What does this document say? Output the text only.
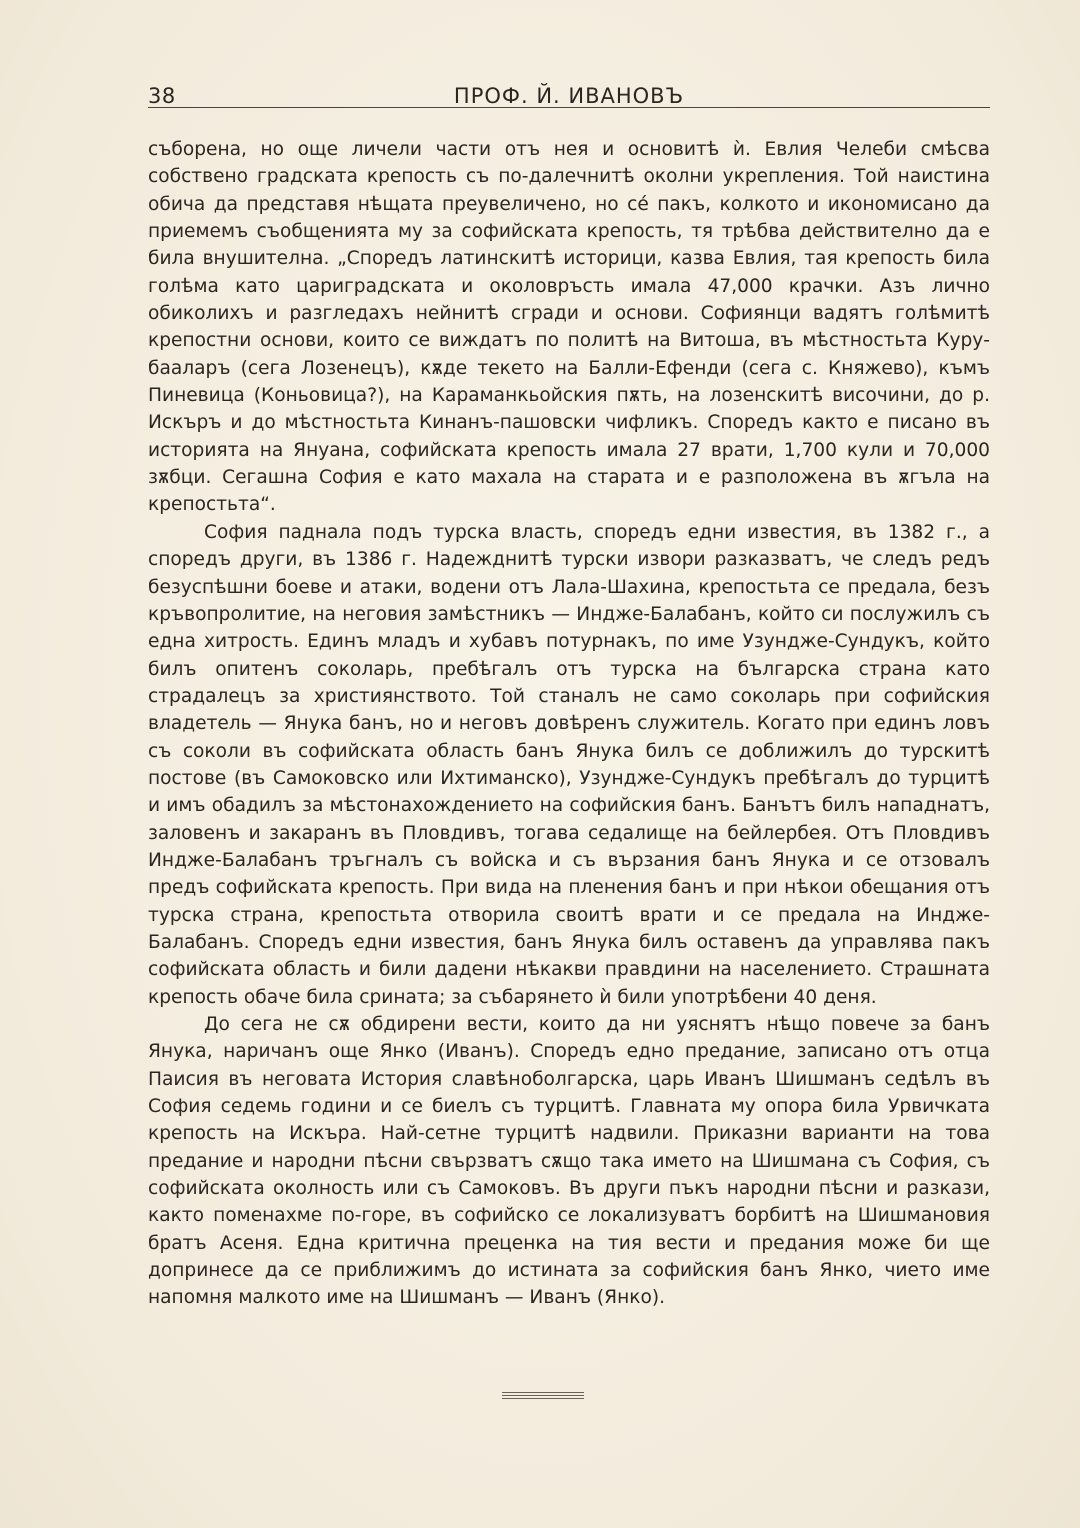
38	ПРОФ. Й. ИВАНОВЪ

съборена, но още личели части отъ нея и основитѣ ѝ. Евлия Челеби смѣсва собствено градската крепость съ по-далечнитѣ околни укрепления. Той наистина обича да представя нѣщата преувеличено, но се́ пакъ, колкото и икономисано да приемемъ съобщенията му за софийската крепость, тя трѣбва действително да е била внушителна. „Споредъ латинскитѣ историци, казва Евлия, тая крепость била голѣма като цариградската и околовръсть имала 47,000 крачки. Азъ лично обиколихъ и разгледахъ нейнитѣ сгради и основи. Софиянци вадятъ голѣмитѣ крепостни основи, които се виждатъ по политѣ на Витоша, въ мѣстностьта Куру-бааларъ (сега Лозенецъ), кѫде текето на Балли-Ефенди (сега с. Княжево), къмъ Пиневица (Коньовица?), на Караманкьойския пѫть, на лозенскитѣ височини, до р. Искъръ и до мѣстностьта Кинанъ-пашовски чифликъ. Споредъ както е писано въ историята на Януана, софийската крепость имала 27 врати, 1,700 кули и 70,000 зѫбци. Сегашна София е като махала на старата и е разположена въ ѫгъла на крепостьта“.

София паднала подъ турска власть, споредъ едни известия, въ 1382 г., а споредъ други, въ 1386 г. Надежднитѣ турски извори разказватъ, че следъ редъ безуспѣшни боеве и атаки, водени отъ Лала-Шахина, крепостьта се предала, безъ кръвопролитие, на неговия замѣстникъ — Индже-Балабанъ, който си послужилъ съ една хитрость. Единъ младъ и хубавъ потурнакъ, по име Узундже-Сундукъ, който билъ опитенъ соколарь, пребѣгалъ отъ турска на българска страна като страдалецъ за християнството. Той станалъ не само соколарь при софийския владетель — Янука банъ, но и неговъ довѣренъ служитель. Когато при единъ ловъ съ соколи въ софийската область банъ Янука билъ се доближилъ до турскитѣ постове (въ Самоковско или Ихтиманско), Узундже-Сундукъ пребѣгалъ до турцитѣ и имъ обадилъ за мѣстонахождението на софийския банъ. Банътъ билъ нападнатъ, заловенъ и закаранъ въ Пловдивъ, тогава седалище на бейлербея. Отъ Пловдивъ Индже-Балабанъ тръгналъ съ войска и съ вързания банъ Янука и се отзовалъ предъ софийската крепость. При вида на пленения банъ и при нѣкои обещания отъ турска страна, крепостьта отворила своитѣ врати и се предала на Индже-Балабанъ. Споредъ едни известия, банъ Янука билъ оставенъ да управлява пакъ софийската область и били дадени нѣкакви правдини на населението. Страшната крепость обаче била сринатa; за събарянето ѝ били употрѣбени 40 деня.

До сега не сѫ обдирени вести, които да ни уяснятъ нѣщо повече за банъ Янука, наричанъ още Янко (Иванъ). Споредъ едно предание, записано отъ отца Паисия въ неговата История славѣноболгарска, царь Иванъ Шишманъ седѣлъ въ София седемь години и се биелъ съ турцитѣ. Главната му опора била Урвичката крепость на Искъра. Най-сетне турцитѣ надвили. Приказни варианти на това предание и народни пѣсни свързватъ сѫщо така името на Шишмана съ София, съ софийската околность или съ Самоковъ. Въ други пъкъ народни пѣсни и разкази, както поменахме по-горе, въ софийско се локализуватъ борбитѣ на Шишмановия братъ Асеня. Една критична преценка на тия вести и предания може би ще допринесе да се приближимъ до истината за софийския банъ Янко, чието име напомня малкото име на Шишманъ — Иванъ (Янко).
